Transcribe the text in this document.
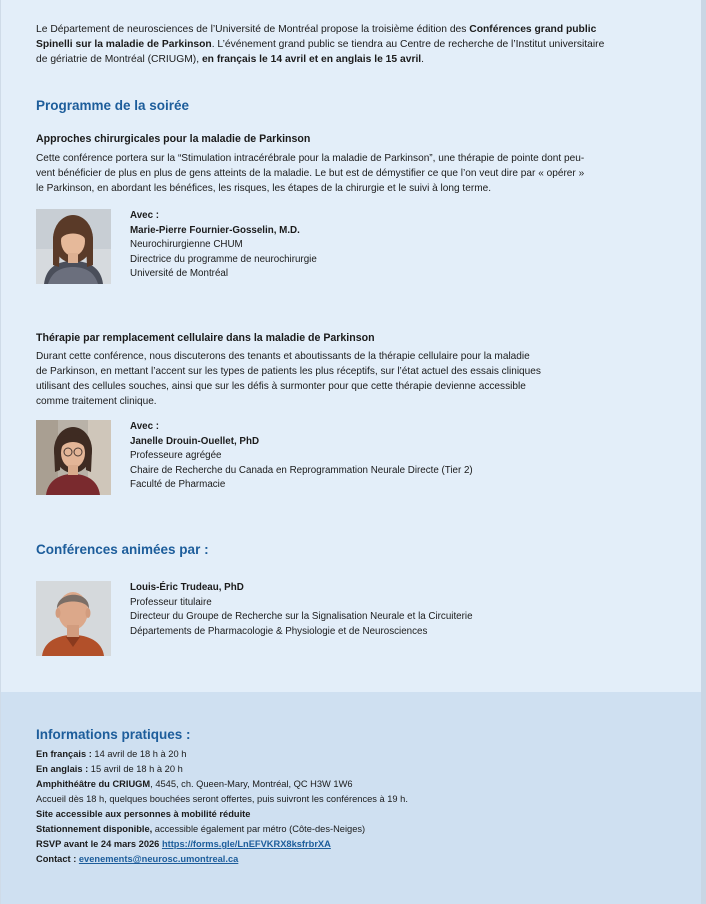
Le Département de neurosciences de l’Université de Montréal propose la troisième édition des Conférences grand public
Spinelli sur la maladie de Parkinson. L’événement grand public se tiendra au Centre de recherche de l’Institut universitaire
de gériatrie de Montréal (CRIUGM), en français le 14 avril et en anglais le 15 avril.

Programme de la soirée
Approches chirurgicales pour la maladie de Parkinson
Cette conférence portera sur la “Stimulation intracérébrale pour la maladie de Parkinson”, une thérapie de pointe dont peu-
vent bénéficier de plus en plus de gens atteints de la maladie. Le but est de démystifier ce que l’on veut dire par « opérer »
le Parkinson, en abordant les bénéfices, les risques, les étapes de la chirurgie et le suivi à long terme.
Avec :
Marie-Pierre Fournier-Gosselin, M.D.
Neurochirurgienne CHUM
Directrice du programme de neurochirurgie
Université de Montréal
Thérapie par remplacement cellulaire dans la maladie de Parkinson
Durant cette conférence, nous discuterons des tenants et aboutissants de la thérapie cellulaire pour la maladie
de Parkinson, en mettant l’accent sur les types de patients les plus réceptifs, sur l’état actuel des essais cliniques
utilisant des cellules souches, ainsi que sur les défis à surmonter pour que cette thérapie devienne accessible
comme traitement clinique.
Avec :
Janelle Drouin-Ouellet, PhD
Professeure agrégée
Chaire de Recherche du Canada en Reprogrammation Neurale Directe (Tier 2)
Faculté de Pharmacie
Conférences animées par :
Louis-Éric Trudeau, PhD
Professeur titulaire
Directeur du Groupe de Recherche sur la Signalisation Neurale et la Circuiterie
Départements de Pharmacologie & Physiologie et de Neurosciences
Informations pratiques :
En français : 14 avril de 18 h à 20 h
En anglais : 15 avril de 18 h à 20 h
Amphithéâtre du CRIUGM, 4545, ch. Queen-Mary, Montréal, QC H3W 1W6
Accueil dès 18 h, quelques bouchées seront offertes, puis suivront les conférences à 19 h.
Site accessible aux personnes à mobilité réduite
Stationnement disponible, accessible également par métro (Côte-des-Neiges)
RSVP avant le 24 mars 2026 https://forms.gle/LnEFVKRX8ksfrbrXA
Contact : evenements@neurosc.umontreal.ca
